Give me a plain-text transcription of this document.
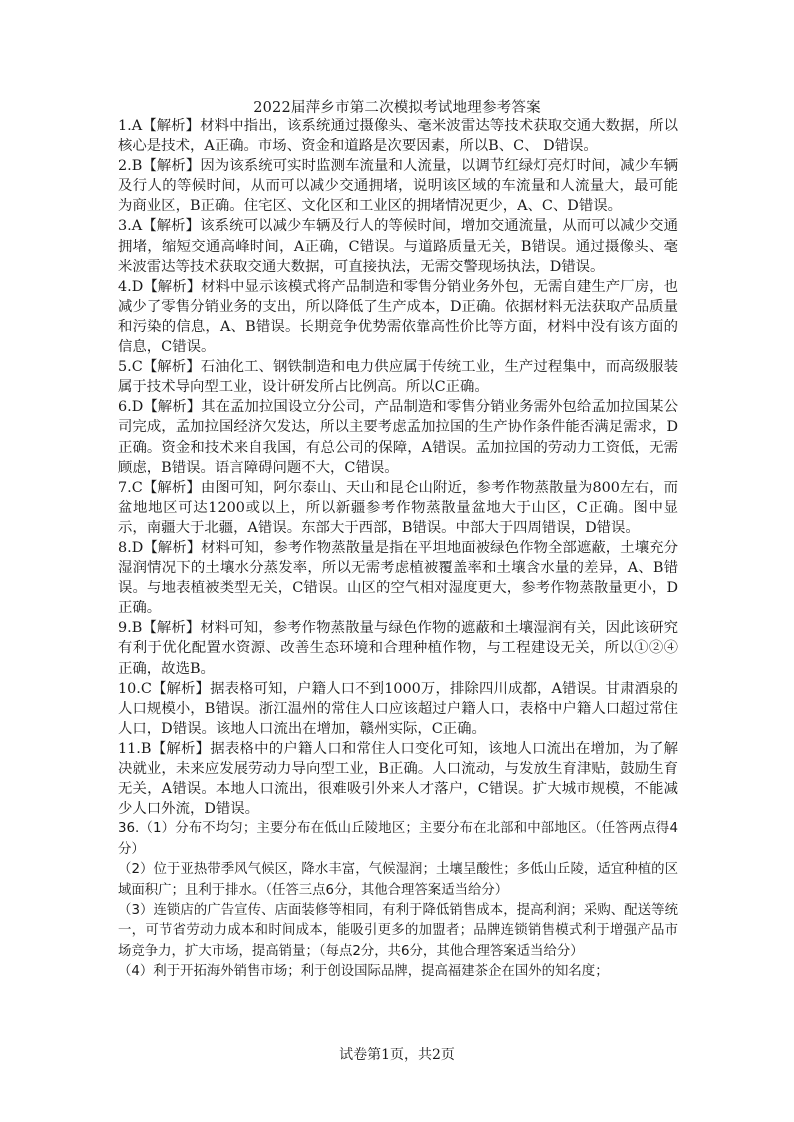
2022届萍乡市第二次模拟考试地理参考答案

1.A【解析】材料中指出，该系统通过摄像头、毫米波雷达等技术获取交通大数据，所以核心是技术，A正确。市场、资金和道路是次要因素，所以B、C、 D错误。

2.B【解析】因为该系统可实时监测车流量和人流量，以调节红绿灯亮灯时间，减少车辆及行人的等候时间，从而可以减少交通拥堵，说明该区域的车流量和人流量大，最可能为商业区，B正确。住宅区、文化区和工业区的拥堵情况更少，A、C、D错误。

3.A【解析】该系统可以减少车辆及行人的等候时间，增加交通流量，从而可以减少交通拥堵，缩短交通高峰时间，A正确，C错误。与道路质量无关，B错误。通过摄像头、毫米波雷达等技术获取交通大数据，可直接执法，无需交警现场执法，D错误。

4.D【解析】材料中显示该模式将产品制造和零售分销业务外包，无需自建生产厂房，也减少了零售分销业务的支出，所以降低了生产成本，D正确。依据材料无法获取产品质量和污染的信息，A、B错误。长期竞争优势需依靠高性价比等方面，材料中没有该方面的信息，C错误。

5.C【解析】石油化工、钢铁制造和电力供应属于传统工业，生产过程集中，而高级服装属于技术导向型工业，设计研发所占比例高。所以C正确。

6.D【解析】其在孟加拉国设立分公司，产品制造和零售分销业务需外包给孟加拉国某公司完成，孟加拉国经济欠发达，所以主要考虑孟加拉国的生产协作条件能否满足需求，D正确。资金和技术来自我国，有总公司的保障，A错误。孟加拉国的劳动力工资低，无需顾虑，B错误。语言障碍问题不大，C错误。

7.C【解析】由图可知，阿尔泰山、天山和昆仑山附近，参考作物蒸散量为800左右，而盆地地区可达1200或以上，所以新疆参考作物蒸散量盆地大于山区，C正确。图中显示，南疆大于北疆，A错误。东部大于西部，B错误。中部大于四周错误，D错误。

8.D【解析】材料可知，参考作物蒸散量是指在平坦地面被绿色作物全部遮蔽，土壤充分湿润情况下的土壤水分蒸发率，所以无需考虑植被覆盖率和土壤含水量的差异，A、B错误。与地表植被类型无关，C错误。山区的空气相对湿度更大，参考作物蒸散量更小，D正确。

9.B【解析】材料可知，参考作物蒸散量与绿色作物的遮蔽和土壤湿润有关，因此该研究有利于优化配置水资源、改善生态环境和合理种植作物，与工程建设无关，所以①②④正确，故选B。

10.C【解析】据表格可知，户籍人口不到1000万，排除四川成都，A错误。甘肃酒泉的人口规模小，B错误。浙江温州的常住人口应该超过户籍人口，表格中户籍人口超过常住人口，D错误。该地人口流出在增加，赣州实际，C正确。

11.B【解析】据表格中的户籍人口和常住人口变化可知，该地人口流出在增加，为了解决就业，未来应发展劳动力导向型工业，B正确。人口流动，与发放生育津贴，鼓励生育无关，A错误。本地人口流出，很难吸引外来人才落户，C错误。扩大城市规模，不能减少人口外流，D错误。

36.（1）分布不均匀；主要分布在低山丘陵地区；主要分布在北部和中部地区。（任答两点得4分）

（2）位于亚热带季风气候区，降水丰富，气候湿润；土壤呈酸性；多低山丘陵，适宜种植的区域面积广；且利于排水。（任答三点6分，其他合理答案适当给分）

（3）连锁店的广告宣传、店面装修等相同，有利于降低销售成本，提高利润；采购、配送等统一，可节省劳动力成本和时间成本，能吸引更多的加盟者；品牌连锁销售模式利于增强产品市场竞争力，扩大市场，提高销量；（每点2分，共6分，其他合理答案适当给分）

（4）利于开拓海外销售市场；利于创设国际品牌，提高福建茶企在国外的知名度；

试卷第1页，共2页
